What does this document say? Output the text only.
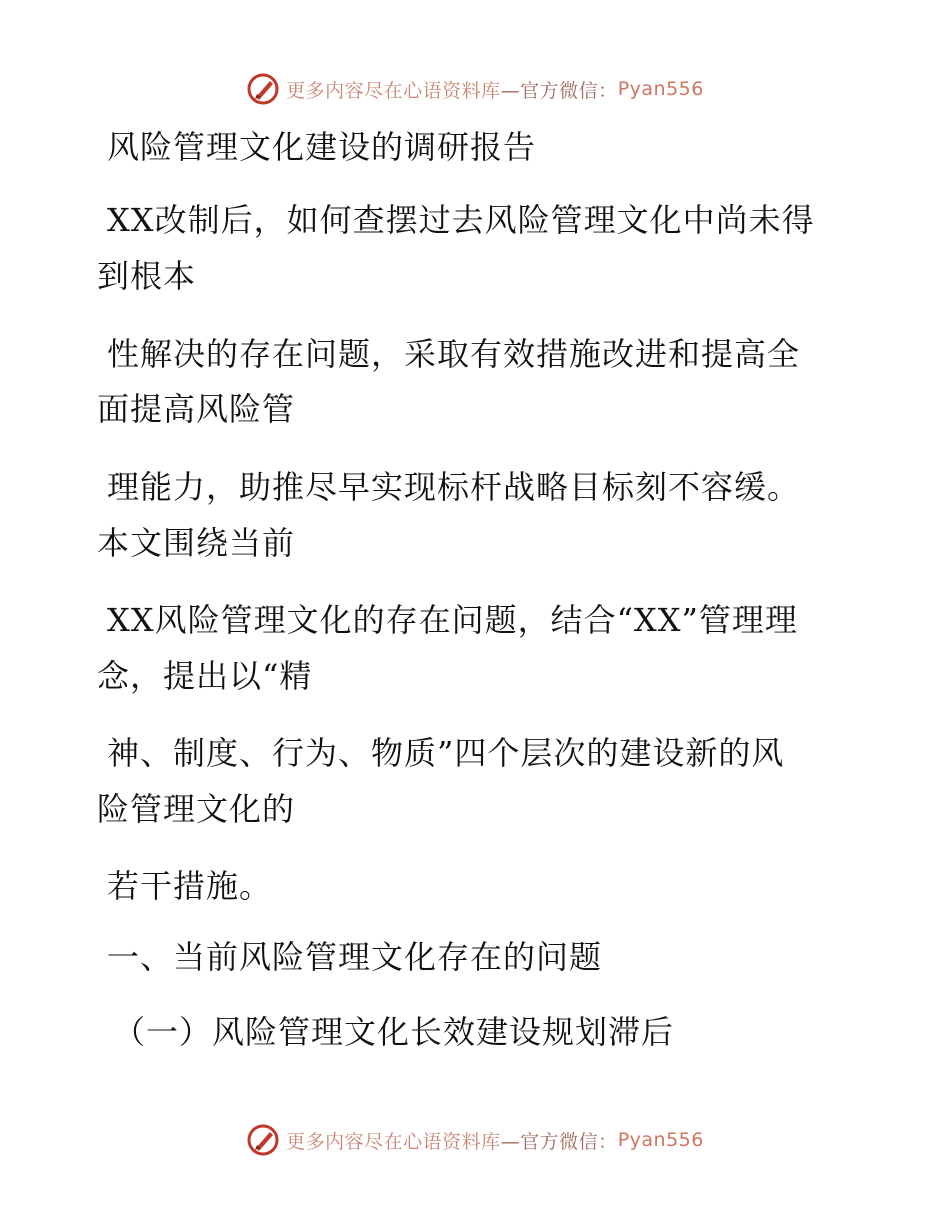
更多内容尽在心语资料库 —官方微信： Pyan556
风险管理文化建设的调研报告
XX改制后，如何查摆过去风险管理文化中尚未得
到根本
性解决的存在问题，采取有效措施改进和提高全
面提高风险管
理能力，助推尽早实现标杆战略目标刻不容缓。
本文围绕当前
XX风险管理文化的存在问题，结合“XX”管理理
念，提出以“精
神、制度、行为、物质”四个层次的建设新的风
险管理文化的
若干措施。
一、当前风险管理文化存在的问题
（一）风险管理文化长效建设规划滞后
更多内容尽在心语资料库 —官方微信： Pyan556
